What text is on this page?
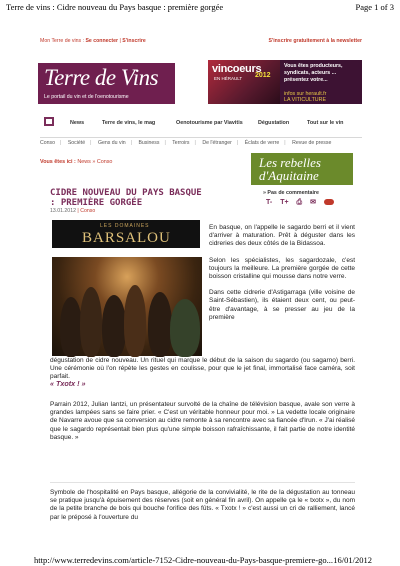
Terre de vins : Cidre nouveau du Pays basque : première gorgée	Page 1 of 3
Mon Terre de vins : Se connecter | S'inscrire	S'inscrire gratuitement à la newsletter
Terre de Vins
Le portail du vin et de l'oenotourisme
vincoeurs
EN HÉRAULT 2012
Vous êtes producteurs,
syndicats, acteurs ...
présentez votre...
infos sur herault.fr
LA VITICULTURE
News	Terre de vins, le mag	Oenotourisme par Viavitis	Dégustation	Tout sur le vin
Conso | Société | Gens du vin | Business | Terroirs | De l'étranger | Éclats de verre | Revue de presse
Vous êtes ici : News » Conso	Les rebelles
d'Aquitaine
CIDRE NOUVEAU DU PAYS BASQUE : PREMIÈRE GORGÉE
13.01.2012 | Conso
» Pas de commentaire
T- T+ ⎙ ✉
LES DOMAINES
BARSALOU

En basque, on l'appelle le sagardo berri et il vient d'arriver à maturation. Prêt à déguster dans les cidreries des deux côtés de la Bidassoa.

Selon les spécialistes, les sagardozale, c'est toujours la meilleure. La première gorgée de cette boisson cristalline qui mousse dans notre verre.

Dans cette cidrerie d'Astigarraga (ville voisine de Saint-Sébastien), ils étaient deux cent, ou peut-être d'avantage, à se presser au jeu de la première

dégustation de cidre nouveau. Un rituel qui marque le début de la saison du sagardo (ou sagarno) berri. Une cérémonie où l'on répète les gestes en coulisse, pour que le jet final, immortalisé face caméra, soit parfait.

« Txotx ! »
Parrain 2012, Julian Iantzi, un présentateur survolté de la chaîne de télévision basque, avale son verre à grandes lampées sans se faire prier. « C'est un véritable honneur pour moi. » La vedette locale originaire de Navarre avoue que sa conversion au cidre remonte à sa rencontre avec sa fiancée d'Irun. « J'ai réalisé que le sagardo représentait bien plus qu'une simple boisson rafraîchissante, il fait partie de notre identité basque. »
Symbole de l'hospitalité en Pays basque, allégorie de la convivialité, le rite de la dégustation au tonneau se pratique jusqu'à épuisement des réserves (soit en général fin avril). On appelle ça le « txotx », du nom de la petite branche de bois qui bouche l'orifice des fûts. « Txotx ! » c'est aussi un cri de ralliement, lancé par le préposé à l'ouverture du
http://www.terredevins.com/article-7152-Cidre-nouveau-du-Pays-basque-premiere-go... 16/01/2012
